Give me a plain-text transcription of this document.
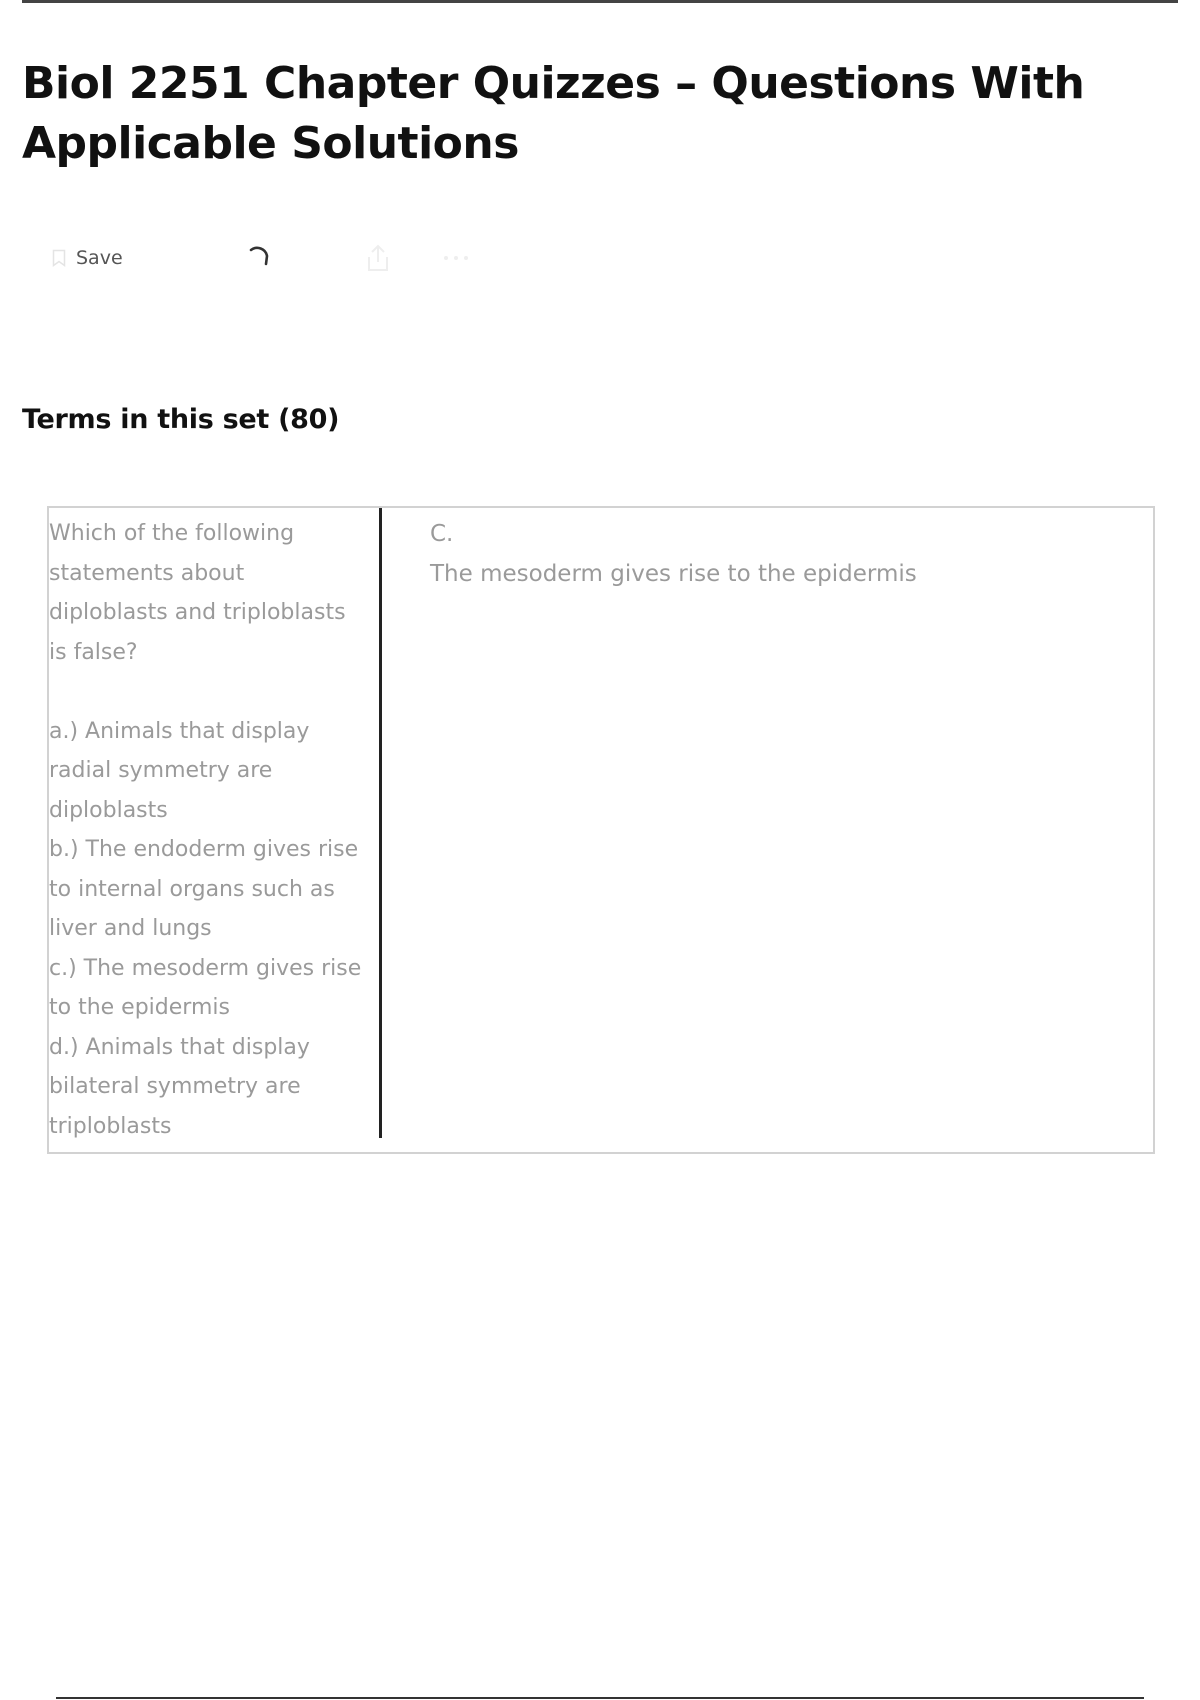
Biol 2251 Chapter Quizzes – Questions With Applicable Solutions
Save
Terms in this set (80)

Which of the following

statements about

diploblasts and triploblasts

is false?

a.) Animals that display

radial symmetry are

diploblasts

b.) The endoderm gives rise

to internal organs such as

liver and lungs

c.) The mesoderm gives rise

to the epidermis

d.) Animals that display

bilateral symmetry are

triploblasts

C.

The mesoderm gives rise to the epidermis
